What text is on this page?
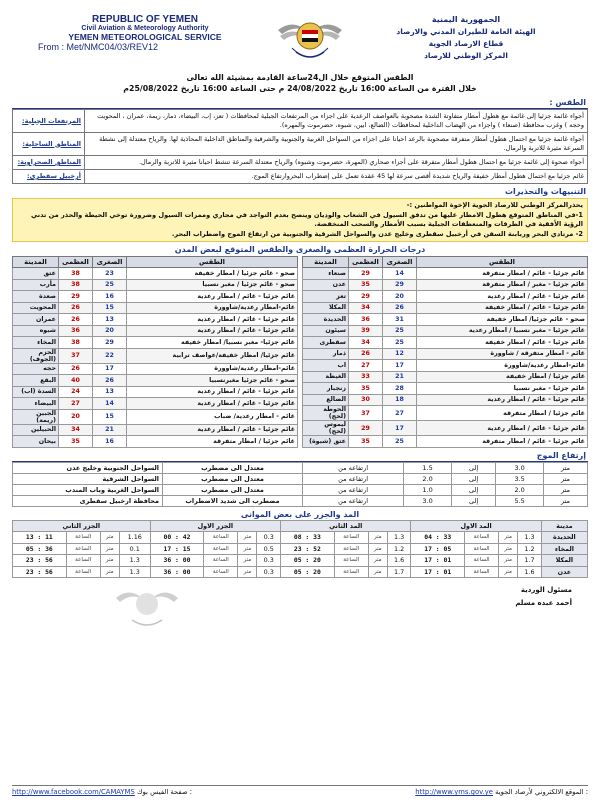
REPUBLIC OF YEMEN
Civil Aviation & Meteorology Authority
YEMEN METEOROLOGICAL SERVICE
From : Met/NMC04/03/REV12
الجمهورية اليمنية
الهيئة العامة للطيران المدني والارصاد
قطاع الارصاد الجوية
المركز الوطني للارصاد
الطقس المتوقع خلال ال24ساعة القادمة بمشيئة الله تعالى
خلال الفترة من الساعة 16:00 تاريخ 24/08/2022 م حتى الساعة 16:00 تاريخ 25/08/2022م
الطقس :
المرتفعات الجبلية:	أجواء غائمة جزئيا إلى غائمة مع هطول أمطار متفاوتة الشدة مصحوبة بالعواصف الرعدية على اجزاء من المرتفعات الجبلية لمحافظات ( تعز، إب، البيضاء، ذمار، ريمة، عمران ، المحويت وحجه ) وغرب محافظة (صنعاء ) واجزاء من الهضاب الداخلية لمحافظات (الضالع، ابين، شبوه، حضرموت والمهره).
المناطق الساحلية:	أجواء غائمة جزئيا مع احتمال هطول أمطار متفرقة مصحوبة بالرعد احيانا على اجزاء من السواحل الغربية والجنوبية والشرقية والمناطق الداخلية المحاذية لها. والرياح معتدلة إلى نشطة السرعة مثيرة للاتربة والرمال.
المناطق الصحراوية:	أجواء صحوة إلى غائمة جزئيا مع احتمال هطول أمطار متفرقة على أجزاء صحاري (المهرة، حضرموت وشبوه) والرياح معتدلة السرعة تنشط احيانا مثيرة للاتربة والرمال.
أرخبيل سقطرى:	غائم جزئيا مع احتمال هطول أمطار خفيفة والرياح شديدة أقصى سرعة لها 45 عقدة تعمل على إضطراب البحروارتفاع الموج.
التنبيهات والتحذيرات
يحذرالمركز الوطني للارصاد الجوية الإخوة المواطنين :-
1-في المناطق المتوقع هطول الامطار عليها من تدفق السيول في الشعاب والوديان وينصح بعدم التواجد في مجاري وممرات السيول وضرورة توخي الحيطة والحذر من تدني الرؤية الأفقية في الطرقات والمنعطفات الجبلية بسبب الأمطار والسحب المنخفضة.
2- مرتادي البحر وربابنة السفن في أرخبيل سقطرى وخليج عدن والسواحل الشرقية والجنوبية من ارتفاع الموج واضطراب البحر.
درجات الحرارة العظمى والصغرى والطقس المتوقع لبعض المدن
المدينة	العظمى	الصغرى	الطقس
صنعاء	29	14	غائم جزئيا - غائم / امطار متفرقة
عدن	35	29	غائم جزئيا - مغبر / امطار متفرقة
تعز	29	20	غائم جزئيا - غائم / امطار رعدية
المكلا	34	26	غائم جزئيا - غائم / امطار خفيفة
الحديدة	36	31	صحو - غائم جزئيا/ امطار خفيفة
سيئون	39	25	غائم جزئيا - مغبر نسبيا / امطار رعدية
سقطرى	34	25	غائم جزئيا - غائم / امطار خفيفة
ذمار	26	12	غائم - امطار متفرقة / شاوورة
اب	27	17	غائم-امطار رعدية/شاوورة
الغيظة	33	21	غائم جزئيا / امطار خفيفة
زنجبار	35	28	غائم جزئيا - مغبر نسبيا
الضالع	30	18	غائم جزئيا - غائم / امطار رعدية
الحوطة (لحج)	37	27	غائم جزئيا / امطار متفرقة
ليموس (لحج)	29	17	غائم جزئيا - غائم / امطار رعدية
عتق (شبوة)	35	25	غائم جزئيا - غائم / امطار متفرقة
المدينة	العظمى	الصغرى	الطقس
عتق	38	23	صحو - غائم جزئيا / امطار خفيفة
مأرب	38	25	صحو - غائم جزئيا / مغبر نسبيا
صعدة	29	16	غائم جزئيا - غائم / امطار رعدية
المحويت	26	15	غائم-امطار رعدية/شاوورة
عمران	26	13	غائم جزئيا - غائم / امطار رعدية
شبوه	36	20	غائم جزئيا - غائم / امطار رعدية
المخاء	38	29	غائم جزئيا- مغبر نسبيا/ امطار خفيفة
الحزم (الجوف)	37	22	غائم جزئيا/ امطار خفيفة/عواصف ترابية
حجه	26	17	غائم-امطار رعدية/شاوورة
البقع	40	26	صحو - غائم جزئيا مغبرنسبيا
السدة (اب)	24	13	غائم جزئيا - غائم / امطار رعدية
البيضاء	27	14	غائم جزئيا - غائم / امطار رعدية
الجبين (ريمة)	20	15	غائم - امطار رعدية/ ضباب
الحبيلين	34	21	غائم جزئيا - غائم / امطار رعدية
بيحان	35	16	غائم جزئيا / امطار متفرقة
إرتفاع الموج
السواحل الجنوبية وخليج عدن	معتدل الى مضطرب	ارتفاعه من	1.5	إلى	3.0	متر
السواحل الشرقية	معتدل الى مضطرب	ارتفاعه من	2.0	إلى	3.5	متر
السواحل الغربية وباب المندب	معتدل الى مضطرب	ارتفاعه من	1.0	إلى	2.0	متر
محافظة ارخبيل سقطرى	مضطرب الى شديد الاضطراب	ارتفاعه من	3.0	إلى	5.5	متر
المد والجزر على بعض الموانى
الجزر الثاني				الجزر الاول				المد الثاني				المد الاول				مدينة
13 : 11	الساعة	متر	1.16	00 : 42	الساعة	متر	0.3	08 : 33	الساعة	متر	1.3	04 : 33	الساعة	متر	1.3	الحديدة
05 : 36	الساعة	متر	0.1	17 : 15	الساعة	متر	0.5	23 : 52	الساعة	متر	1.2	17 : 05	الساعة	متر	1.2	المخاء
23 : 56	الساعة	متر	1.3	36 : 00	الساعة	متر	0.3	05 : 20	الساعة	متر	1.6	17 : 01	الساعة	متر	1.7	المكلا
23 : 56	الساعة	متر	1.3	36 : 00	الساعة	متر	0.3	05 : 20	الساعة	متر	1.7	17 : 01	الساعة	متر	1.6	عدن
مسئول الوردية
أحمد عبده مسلم
http://www.facebook.com/CAMAYMS صفحة الفيس بوك :	http://www.yms.gov.ye الموقع الالكتروني لأرصاد الجوية :
